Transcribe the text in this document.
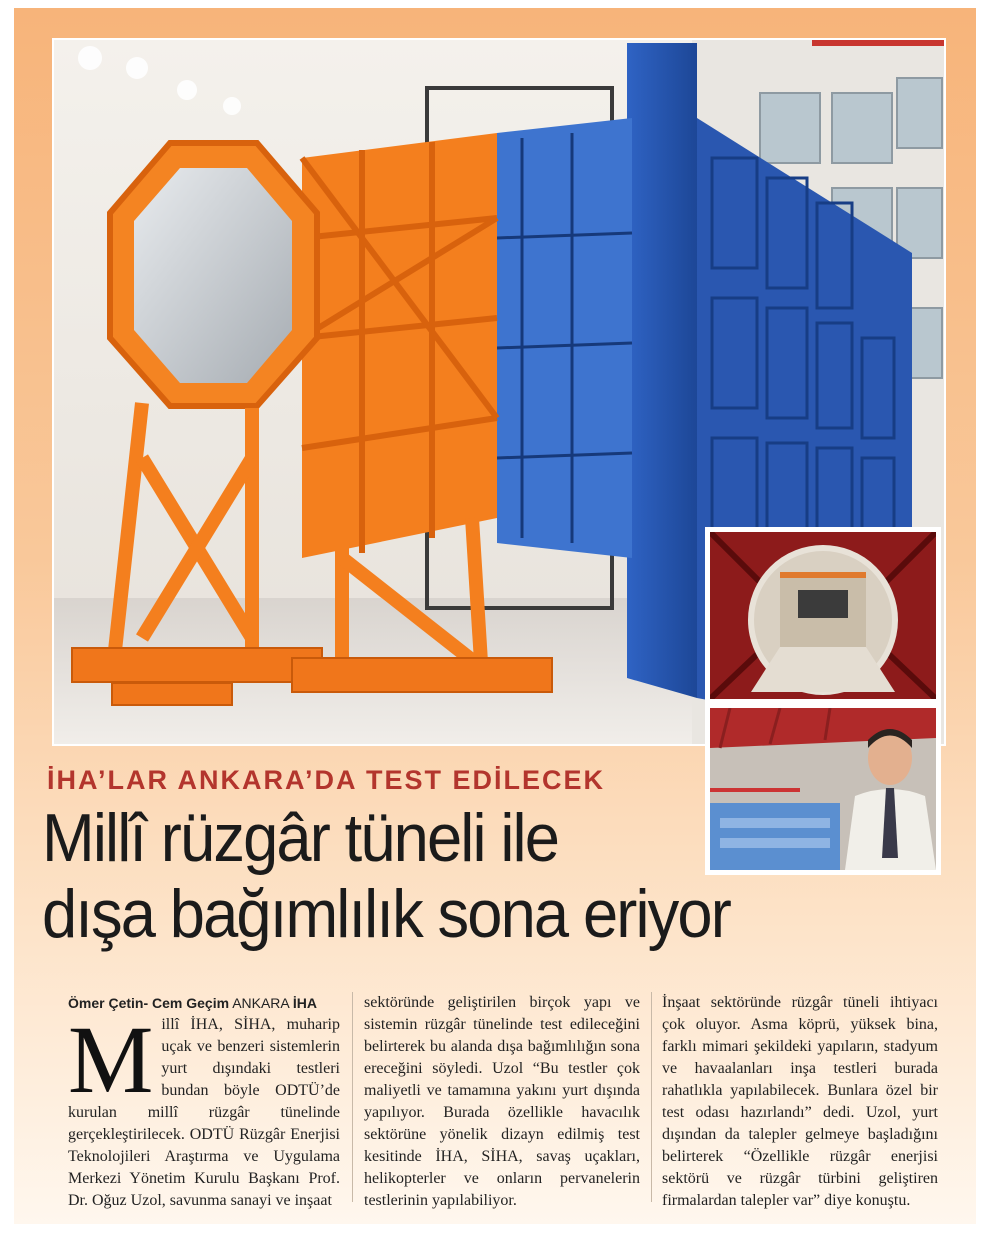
İHA’LAR ANKARA’DA TEST EDİLECEK
Millî rüzgâr tüneli ile
dışa bağımlılık sona eriyor
Ömer Çetin- Cem Geçim ANKARA İHA
M illî İHA, SİHA, muharip uçak ve benzeri sistemlerin yurt dışındaki testleri bundan böyle ODTÜ’de kurulan millî rüzgâr tünelinde gerçekleştirilecek. ODTÜ Rüzgâr Enerjisi Teknolojileri Araştırma ve Uygulama Merkezi Yönetim Kurulu Başkanı Prof. Dr. Oğuz Uzol, savunma sanayi ve inşaat
sektöründe geliştirilen birçok yapı ve sistemin rüzgâr tünelinde test edileceğini belirterek bu alanda dışa bağımlılığın sona ereceğini söyledi. Uzol “Bu testler çok maliyetli ve tamamına yakını yurt dışında yapılıyor. Burada özellikle havacılık sektörüne yönelik dizayn edilmiş test kesitinde İHA, SİHA, savaş uçakları, helikopterler ve onların pervanelerin testlerinin yapılabiliyor.
İnşaat sektöründe rüzgâr tüneli ihtiyacı çok oluyor. Asma köprü, yüksek bina, farklı mimari şekildeki yapıların, stadyum ve havaalanları inşa testleri burada rahatlıkla yapılabilecek. Bunlara özel bir test odası hazırlandı” dedi. Uzol, yurt dışından da talepler gelmeye başladığını belirterek “Özellikle rüzgâr enerjisi sektörü ve rüzgâr türbini geliştiren firmalardan talepler var” diye konuştu.
